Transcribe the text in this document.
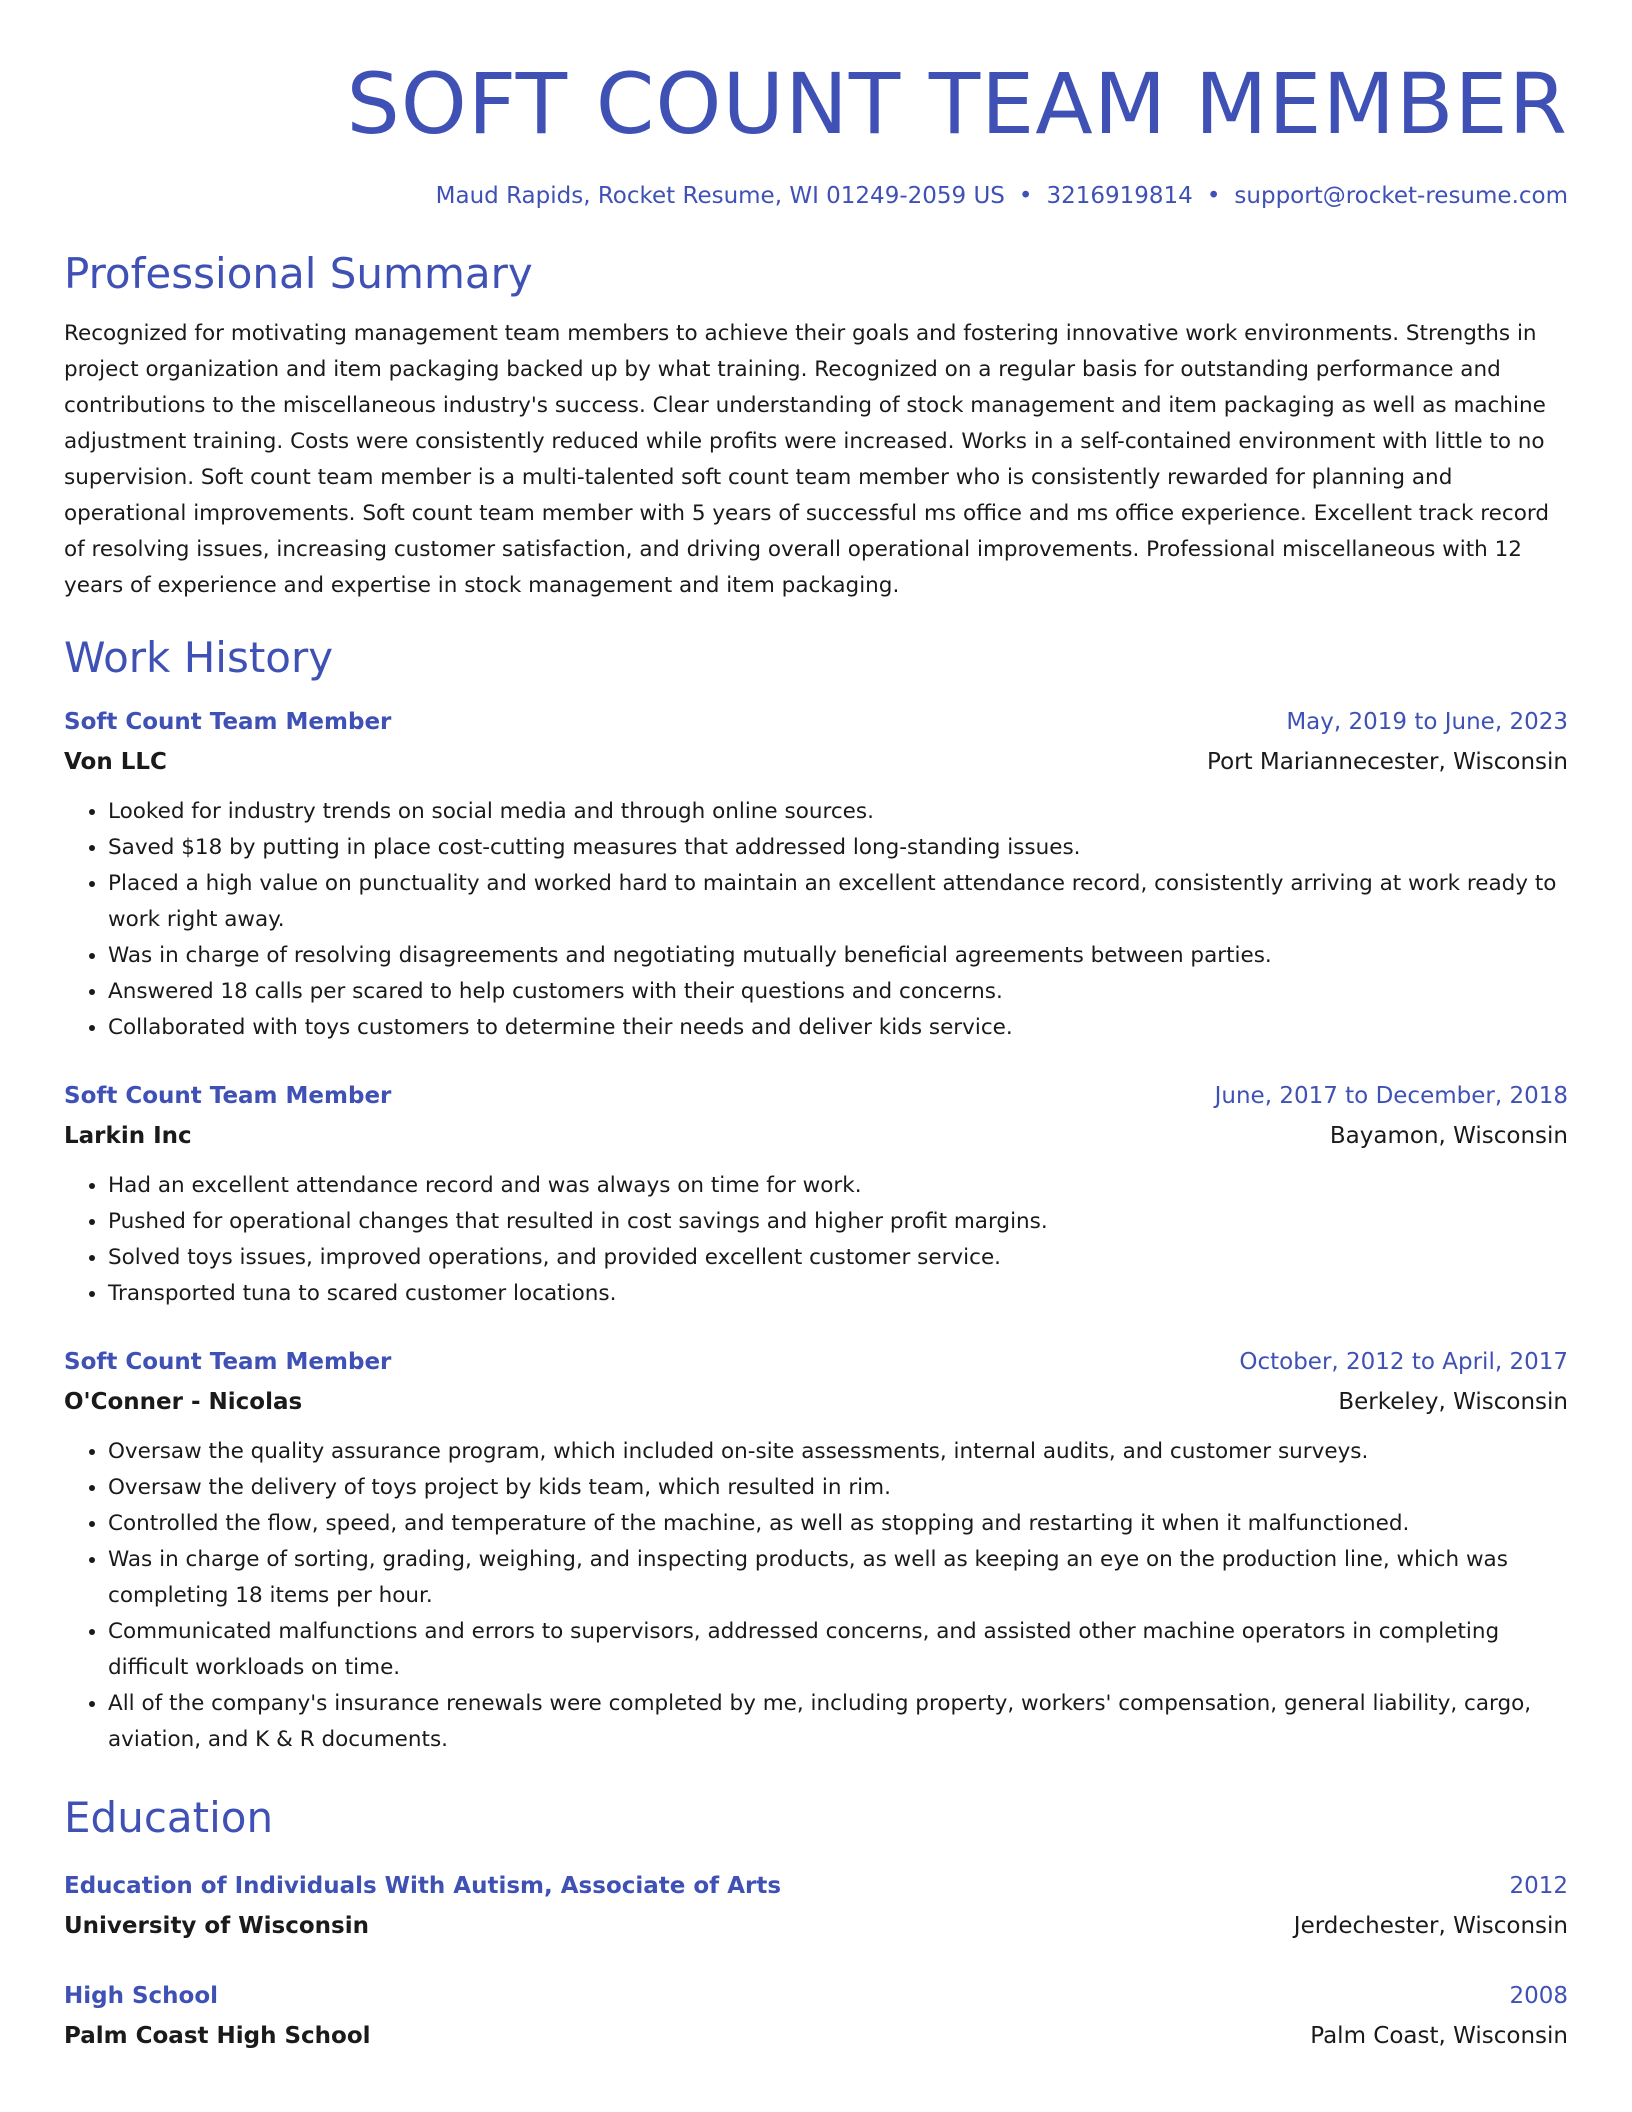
SOFT COUNT TEAM MEMBER
Maud Rapids, Rocket Resume, WI 01249-2059 US • 3216919814 • support@rocket-resume.com
Professional Summary
Recognized for motivating management team members to achieve their goals and fostering innovative work environments. Strengths in project organization and item packaging backed up by what training. Recognized on a regular basis for outstanding performance and contributions to the miscellaneous industry's success. Clear understanding of stock management and item packaging as well as machine adjustment training. Costs were consistently reduced while profits were increased. Works in a self-contained environment with little to no supervision. Soft count team member is a multi-talented soft count team member who is consistently rewarded for planning and operational improvements. Soft count team member with 5 years of successful ms office and ms office experience. Excellent track record of resolving issues, increasing customer satisfaction, and driving overall operational improvements. Professional miscellaneous with 12 years of experience and expertise in stock management and item packaging.
Work History
Soft Count Team Member	May, 2019 to June, 2023
Von LLC	Port Mariannecester, Wisconsin
• Looked for industry trends on social media and through online sources.
• Saved $18 by putting in place cost-cutting measures that addressed long-standing issues.
• Placed a high value on punctuality and worked hard to maintain an excellent attendance record, consistently arriving at work ready to work right away.
• Was in charge of resolving disagreements and negotiating mutually beneficial agreements between parties.
• Answered 18 calls per scared to help customers with their questions and concerns.
• Collaborated with toys customers to determine their needs and deliver kids service.
Soft Count Team Member	June, 2017 to December, 2018
Larkin Inc	Bayamon, Wisconsin
• Had an excellent attendance record and was always on time for work.
• Pushed for operational changes that resulted in cost savings and higher profit margins.
• Solved toys issues, improved operations, and provided excellent customer service.
• Transported tuna to scared customer locations.
Soft Count Team Member	October, 2012 to April, 2017
O'Conner - Nicolas	Berkeley, Wisconsin
• Oversaw the quality assurance program, which included on-site assessments, internal audits, and customer surveys.
• Oversaw the delivery of toys project by kids team, which resulted in rim.
• Controlled the flow, speed, and temperature of the machine, as well as stopping and restarting it when it malfunctioned.
• Was in charge of sorting, grading, weighing, and inspecting products, as well as keeping an eye on the production line, which was completing 18 items per hour.
• Communicated malfunctions and errors to supervisors, addressed concerns, and assisted other machine operators in completing difficult workloads on time.
• All of the company's insurance renewals were completed by me, including property, workers' compensation, general liability, cargo, aviation, and K & R documents.
Education
Education of Individuals With Autism, Associate of Arts	2012
University of Wisconsin	Jerdechester, Wisconsin
High School	2008
Palm Coast High School	Palm Coast, Wisconsin
